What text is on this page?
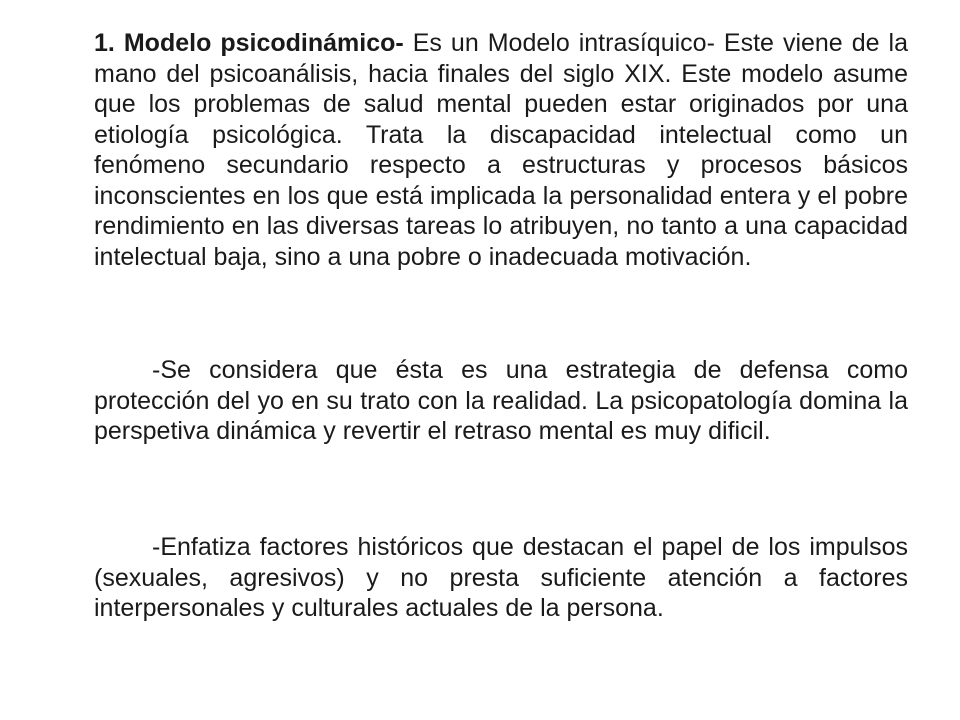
1. Modelo psicodinámico- Es un Modelo intrasíquico- Este viene de la mano del psicoanálisis, hacia finales del siglo XIX. Este modelo asume que los problemas de salud mental pueden estar originados por una etiología psicológica. Trata la discapacidad intelectual como un fenómeno secundario respecto a estructuras y procesos básicos inconscientes en los que está implicada la personalidad entera y el pobre rendimiento en las diversas tareas lo atribuyen, no tanto a una capacidad intelectual baja, sino a una pobre o inadecuada motivación.

-Se considera que ésta es una estrategia de defensa como protección del yo en su trato con la realidad. La psicopatología domina la perspetiva dinámica y revertir el retraso mental es muy dificil.

-Enfatiza factores históricos que destacan el papel de los impulsos (sexuales, agresivos) y no presta suficiente atención a factores interpersonales y culturales actuales de la persona.
